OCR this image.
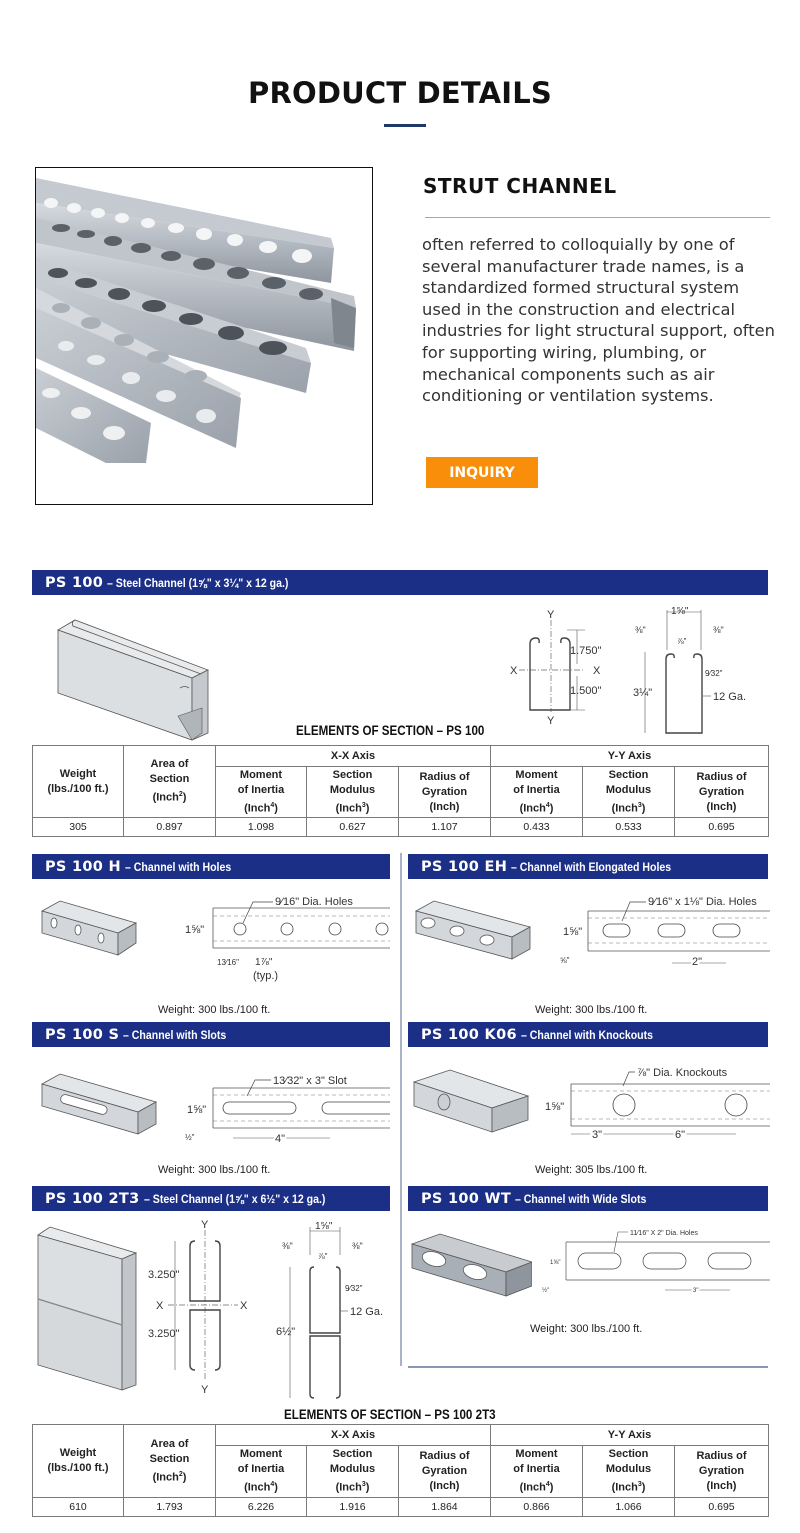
PRODUCT DETAILS
STRUT CHANNEL

often referred to colloquially by one of several manufacturer trade names, is a standardized formed structural system used in the construction and electrical industries for light structural support, often for supporting wiring, plumbing, or mechanical components such as air conditioning or ventilation systems.

INQUIRY
PS 100 – Steel Channel (1⅝" x 3¼" x 12 ga.)
ELEMENTS OF SECTION – PS 100
Y
Y
X	X
1.750"
1.500"
1⅝"
⅜"	⅜"
⅞"
9⁄32"
3¼"	12 Ga.
Weight
(lbs./100 ft.)	Area of
Section
(Inch$^2$)	X-X Axis			Y-Y Axis		
		Moment
of Inertia
(Inch$^4$)	Section
Modulus
(Inch$^3$)	Radius of
Gyration
(Inch)	Moment
of Inertia
(Inch$^4$)	Section
Modulus
(Inch$^3$)	Radius of
Gyration
(Inch)
305	0.897	1.098	0.627	1.107	0.433	0.533	0.695
PS 100 H – Channel with Holes
9⁄16" Dia. Holes
1⅝"
13⁄16" 1⅞"
(typ.)
Weight: 300 lbs./100 ft.
PS 100 EH – Channel with Elongated Holes
9⁄16" x 1⅛" Dia. Holes
1⅝"
⅝"	2"
Weight: 300 lbs./100 ft.
PS 100 S – Channel with Slots
13⁄32" x 3" Slot
1⅝"
½"	4"
Weight: 300 lbs./100 ft.
PS 100 K06 – Channel with Knockouts
⅞" Dia. Knockouts
1⅝"
3"	6"
Weight: 305 lbs./100 ft.
PS 100 2T3 – Steel Channel (1⅝" x 6½" x 12 ga.)
Y
Y
X	X
3.250"
3.250"
1⅝"
⅜"	⅜"
⅞"
9⁄32"
6½"
12 Ga.
PS 100 WT – Channel with Wide Slots
11⁄16" X 2" Dia. Holes
1⅝"
½"	3"
Weight: 300 lbs./100 ft.
ELEMENTS OF SECTION – PS 100 2T3
Weight
(lbs./100 ft.)	Area of
Section
(Inch$^2$)	X-X Axis			Y-Y Axis		
		Moment
of Inertia
(Inch$^4$)	Section
Modulus
(Inch$^3$)	Radius of
Gyration
(Inch)	Moment
of Inertia
(Inch$^4$)	Section
Modulus
(Inch$^3$)	Radius of
Gyration
(Inch)
610	1.793	6.226	1.916	1.864	0.866	1.066	0.695
